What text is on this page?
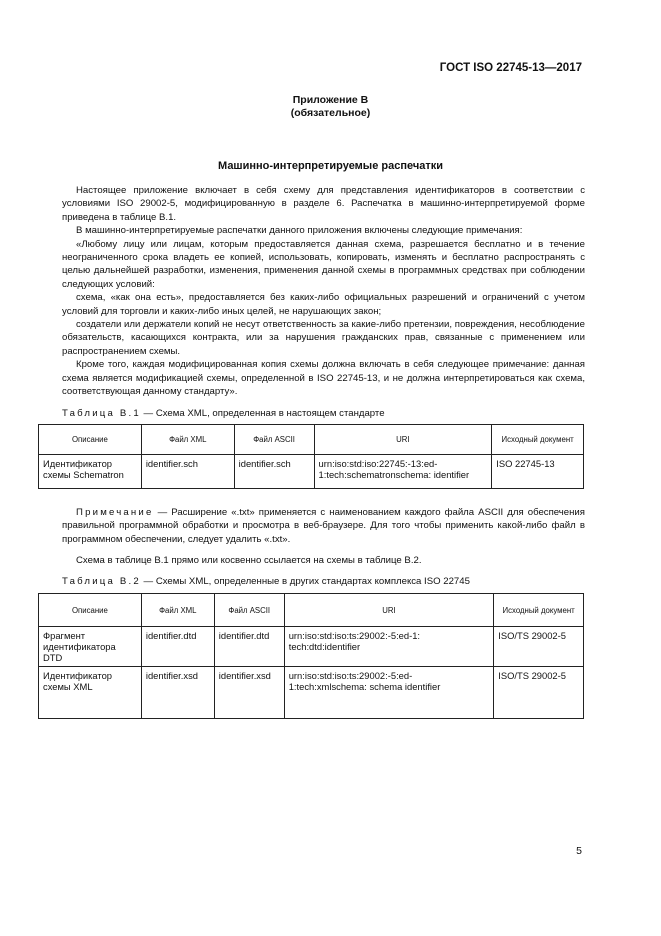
ГОСТ ISO 22745-13—2017
Приложение В
(обязательное)
Машинно-интерпретируемые распечатки

Настоящее приложение включает в себя схему для представления идентификаторов в соответствии с условиями ISO 29002-5, модифицированную в разделе 6. Распечатка в машинно-интерпретируемой форме приведена в таблице В.1.

В машинно-интерпретируемые распечатки данного приложения включены следующие примечания:

«Любому лицу или лицам, которым предоставляется данная схема, разрешается бесплатно и в течение неограниченного срока владеть ее копией, использовать, копировать, изменять и бесплатно распространять с целью дальнейшей разработки, изменения, применения данной схемы в программных средствах при соблюдении следующих условий:

схема, «как она есть», предоставляется без каких-либо официальных разрешений и ограничений с учетом условий для торговли и каких-либо иных целей, не нарушающих закон;

создатели или держатели копий не несут ответственность за какие-либо претензии, повреждения, несоблюдение обязательств, касающихся контракта, или за нарушения гражданских прав, связанные с применением или распространением схемы.

Кроме того, каждая модифицированная копия схемы должна включать в себя следующее примечание: данная схема является модификацией схемы, определенной в ISO 22745-13, и не должна интерпретироваться как схема, соответствующая данному стандарту».

Таблица В.1 — Схема XML, определенная в настоящем стандарте
Описание	Файл XML	Файл ASCII	URI	Исходный документ
Идентификатор схемы Schematron	identifier.sch	identifier.sch	urn:iso:std:iso:22745:-13:ed-1:tech:schematronschema: identifier	ISO 22745-13

Примечание — Расширение «.txt» применяется с наименованием каждого файла ASCII для обеспечения правильной программной обработки и просмотра в веб-браузере. Для того чтобы применить какой-либо файл в программном обеспечении, следует удалить «.txt».

Схема в таблице В.1 прямо или косвенно ссылается на схемы в таблице В.2.

Таблица В.2 — Схемы XML, определенные в других стандартах комплекса ISO 22745
Описание	Файл XML	Файл ASCII	URI	Исходный документ
Фрагмент идентификатора DTD	identifier.dtd	identifier.dtd	urn:iso:std:iso:ts:29002:-5:ed-1: tech:dtd:identifier	ISO/TS 29002-5
Идентификатор схемы XML	identifier.xsd	identifier.xsd	urn:iso:std:iso:ts:29002:-5:ed-1:tech:xmlschema: schema identifier	ISO/TS 29002-5
5
